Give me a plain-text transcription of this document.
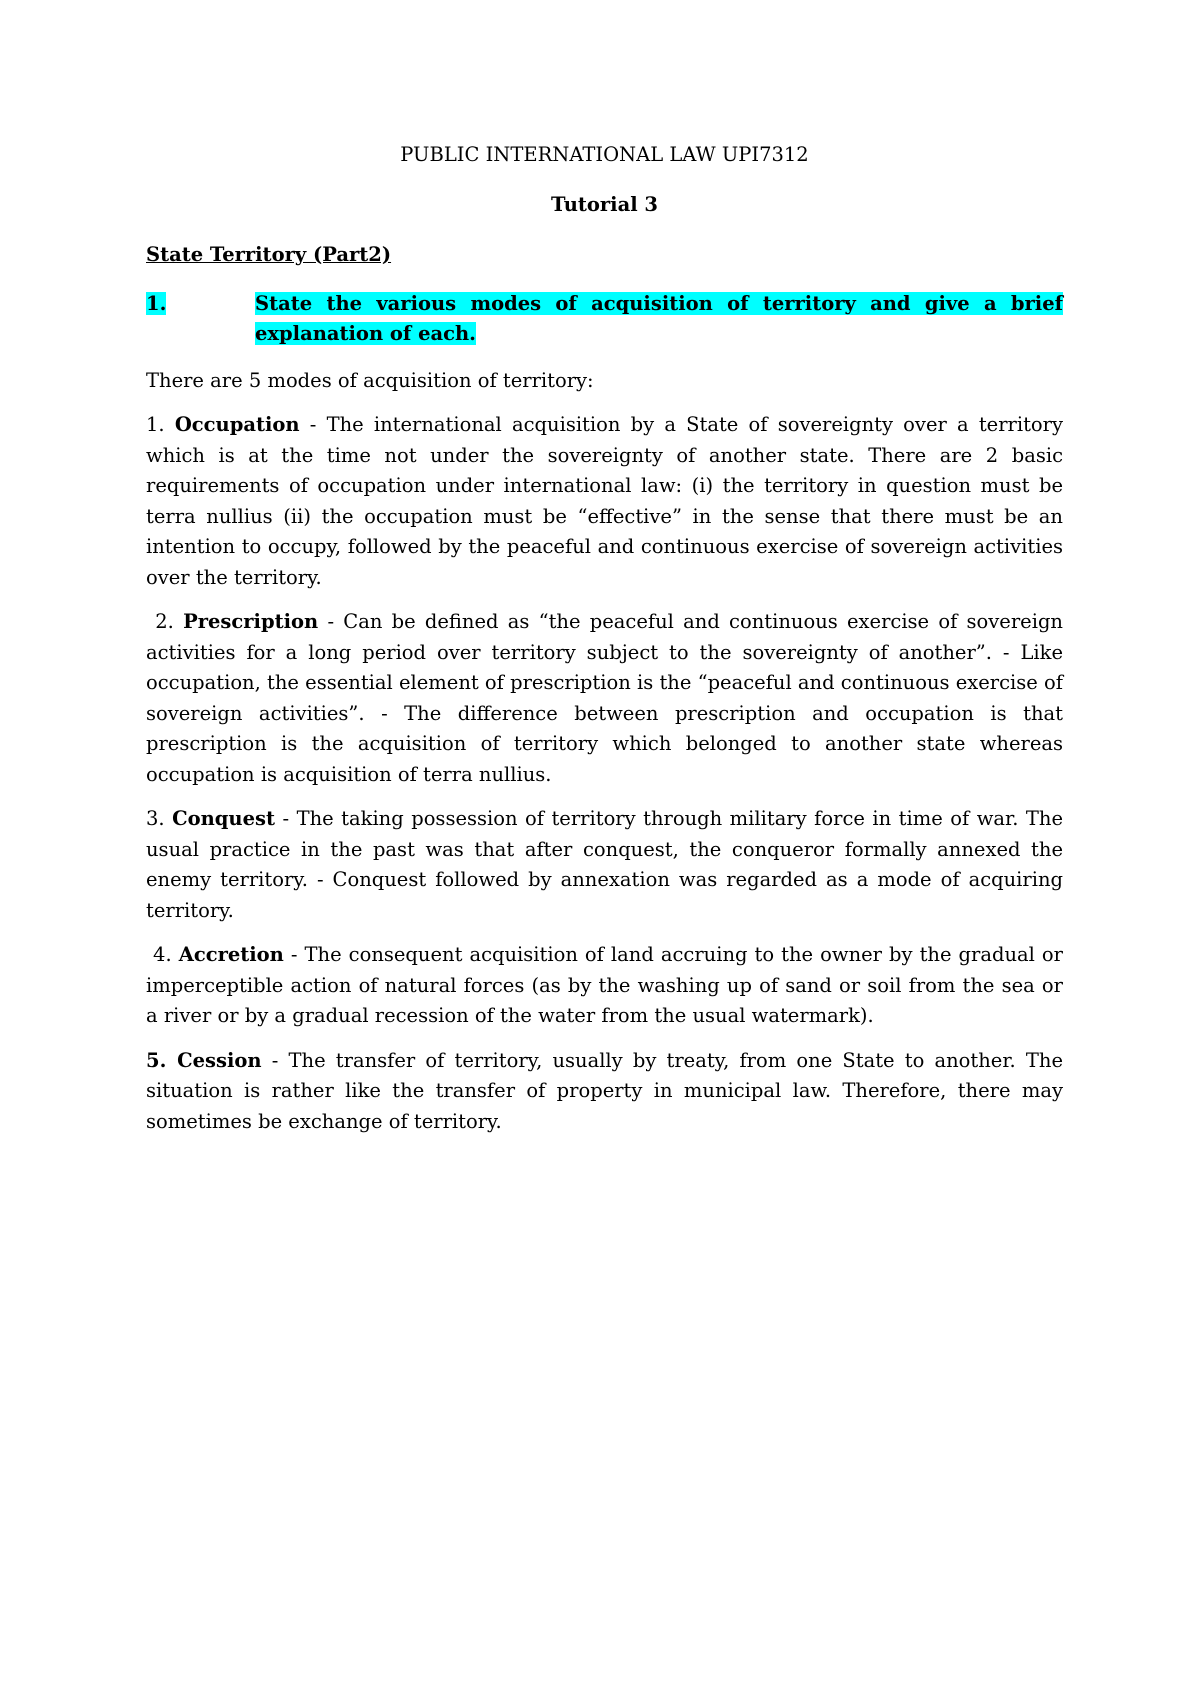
PUBLIC INTERNATIONAL LAW UPI7312

Tutorial 3

State Territory (Part2)

1.	State the various modes of acquisition of territory and give a brief explanation of each.

There are 5 modes of acquisition of territory:

1. Occupation - The international acquisition by a State of sovereignty over a territory which is at the time not under the sovereignty of another state. There are 2 basic requirements of occupation under international law: (i) the territory in question must be terra nullius (ii) the occupation must be “effective” in the sense that there must be an intention to occupy, followed by the peaceful and continuous exercise of sovereign activities over the territory.

2. Prescription - Can be defined as “the peaceful and continuous exercise of sovereign activities for a long period over territory subject to the sovereignty of another”. - Like occupation, the essential element of prescription is the “peaceful and continuous exercise of sovereign activities”. - The difference between prescription and occupation is that prescription is the acquisition of territory which belonged to another state whereas occupation is acquisition of terra nullius.

3. Conquest - The taking possession of territory through military force in time of war. The usual practice in the past was that after conquest, the conqueror formally annexed the enemy territory. - Conquest followed by annexation was regarded as a mode of acquiring territory.

4. Accretion - The consequent acquisition of land accruing to the owner by the gradual or imperceptible action of natural forces (as by the washing up of sand or soil from the sea or a river or by a gradual recession of the water from the usual watermark).

5. Cession - The transfer of territory, usually by treaty, from one State to another. The situation is rather like the transfer of property in municipal law. Therefore, there may sometimes be exchange of territory.
